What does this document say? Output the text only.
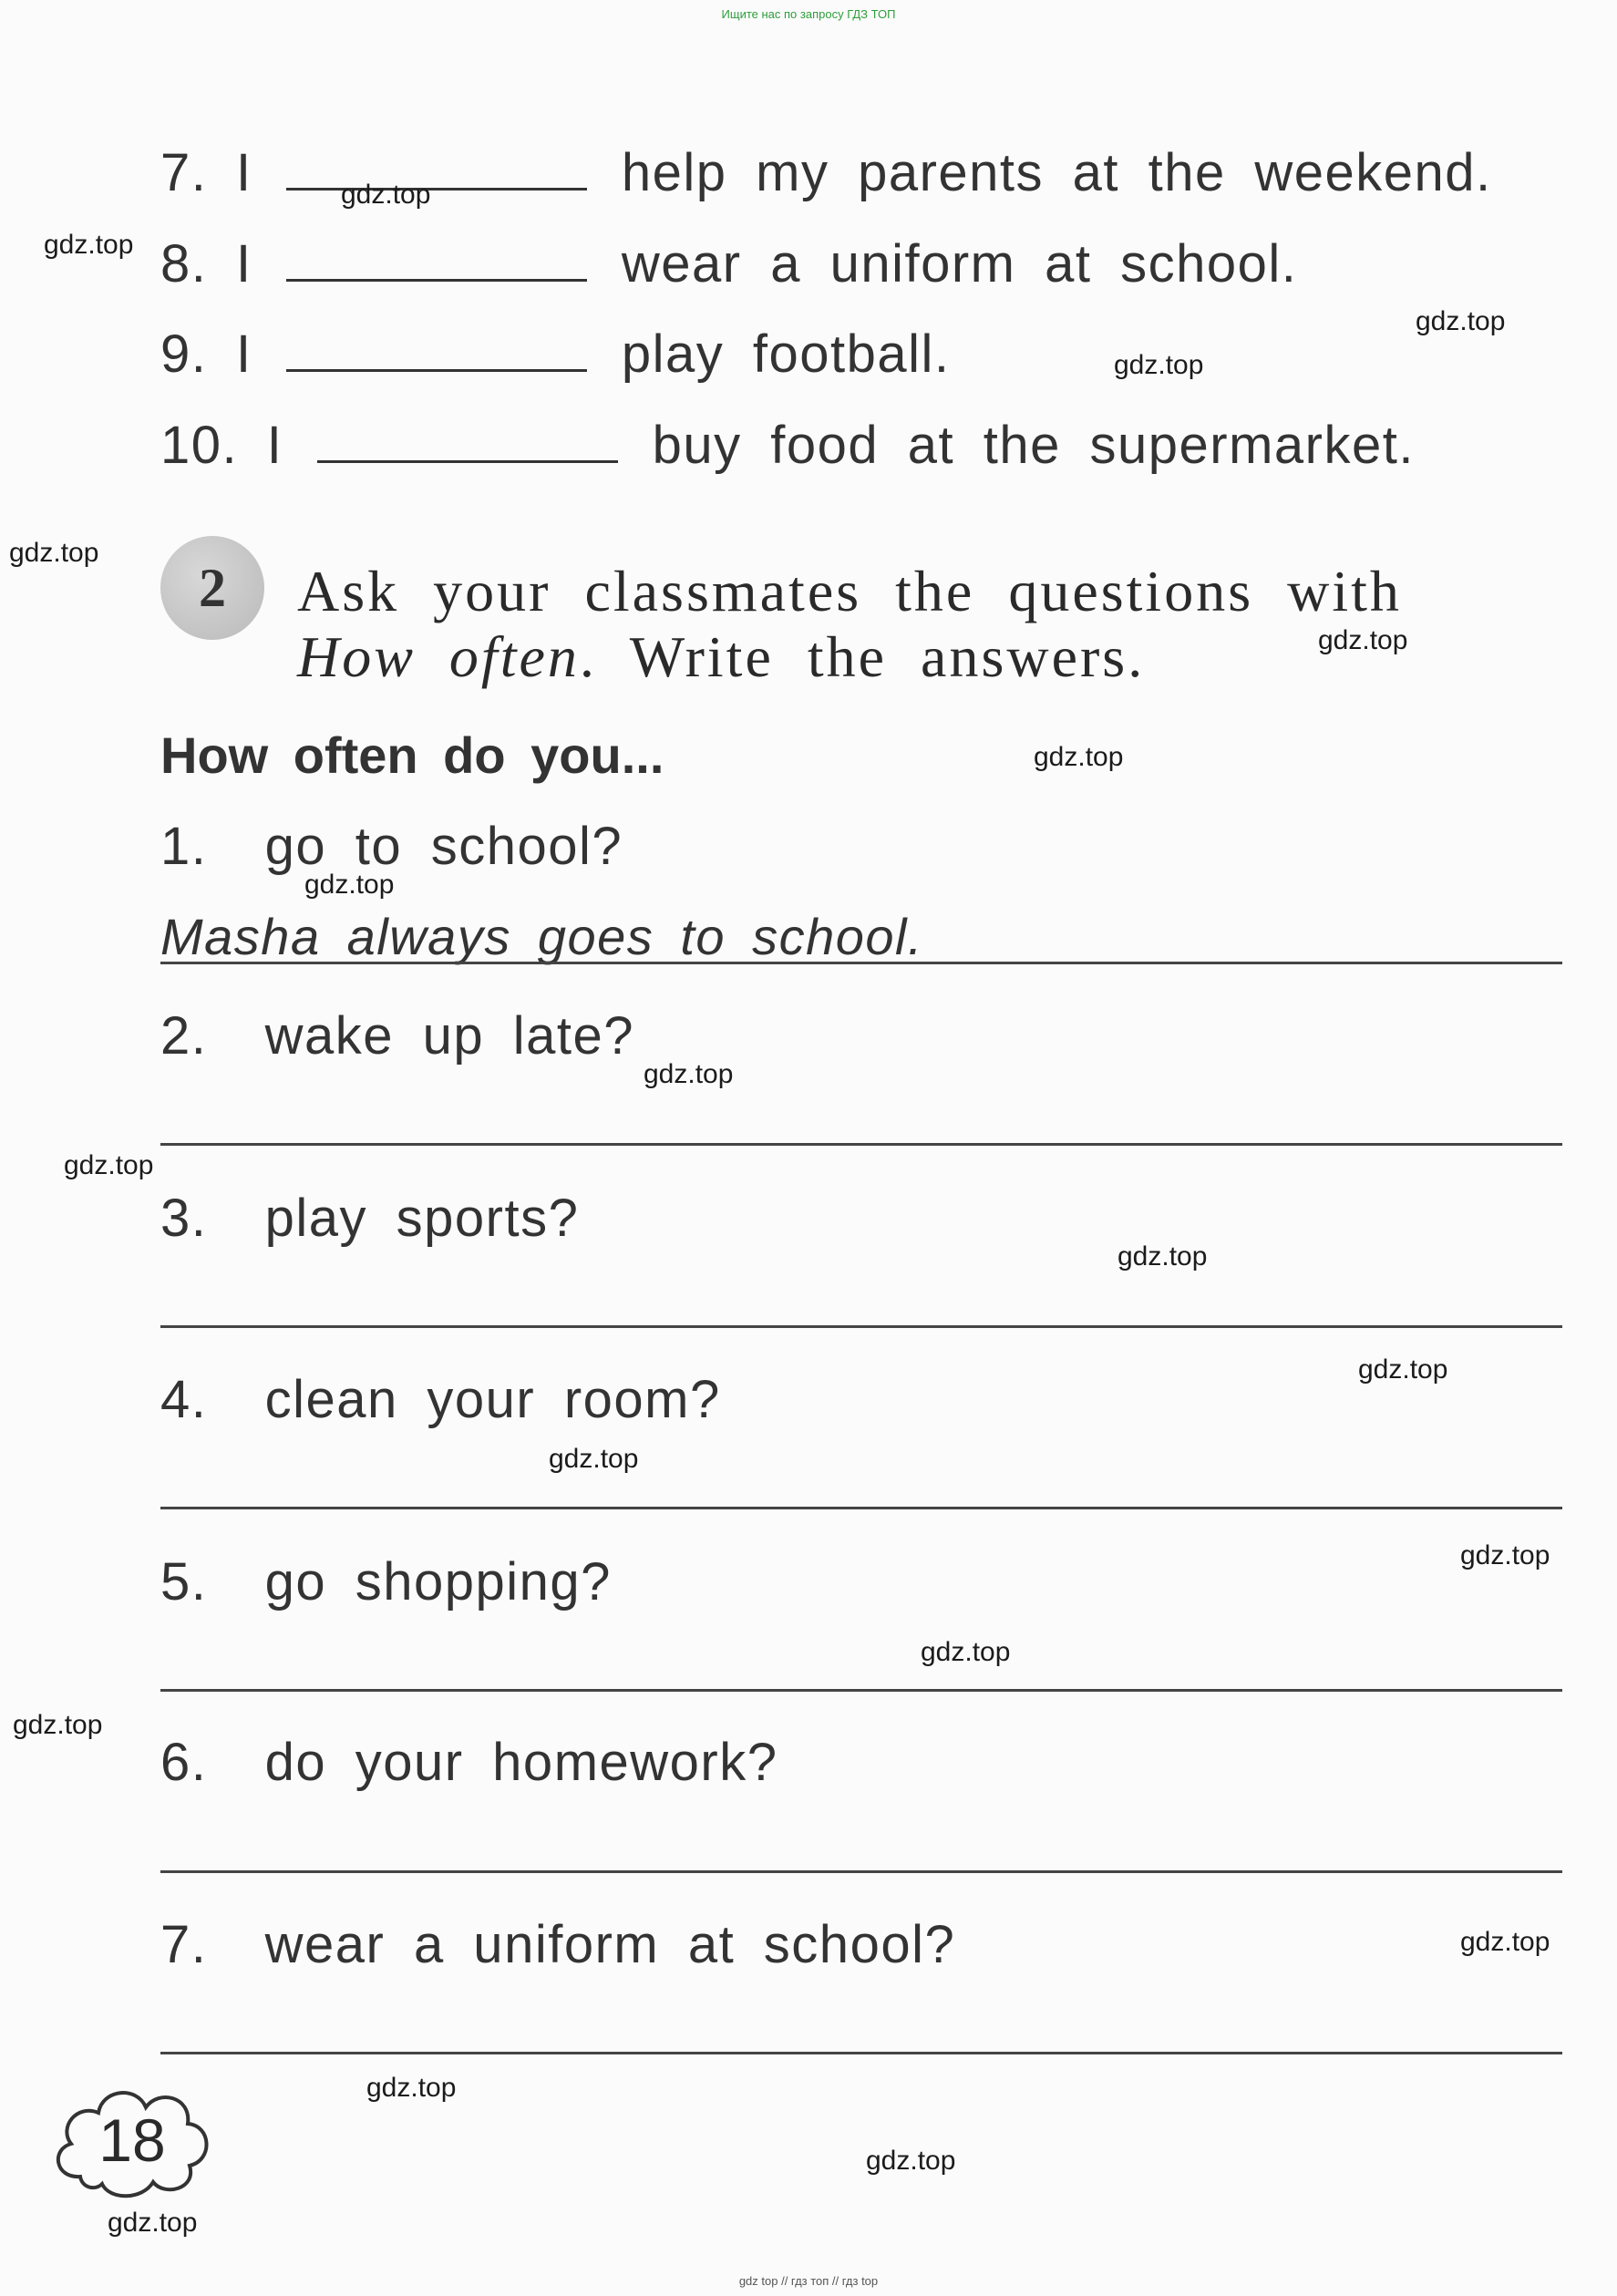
Ищите нас по запросу ГДЗ ТОП
gdz top // гдз топ // гдз top
7. I	help my parents at the weekend.
8. I	wear a uniform at school.
9. I	play football.
10. I	buy food at the supermarket.
2	Ask your classmates the questions with
How often. Write the answers.
How often do you...
1. go to school?
Masha always goes to school.
2. wake up late?
3. play sports?
4. clean your room?
5. go shopping?
6. do your homework?
7. wear a uniform at school?
18
gdz.top
gdz.top
gdz.top
gdz.top
gdz.top
gdz.top
gdz.top
gdz.top
gdz.top
gdz.top
gdz.top
gdz.top
gdz.top
gdz.top
gdz.top
gdz.top
gdz.top
gdz.top
gdz.top
gdz.top
